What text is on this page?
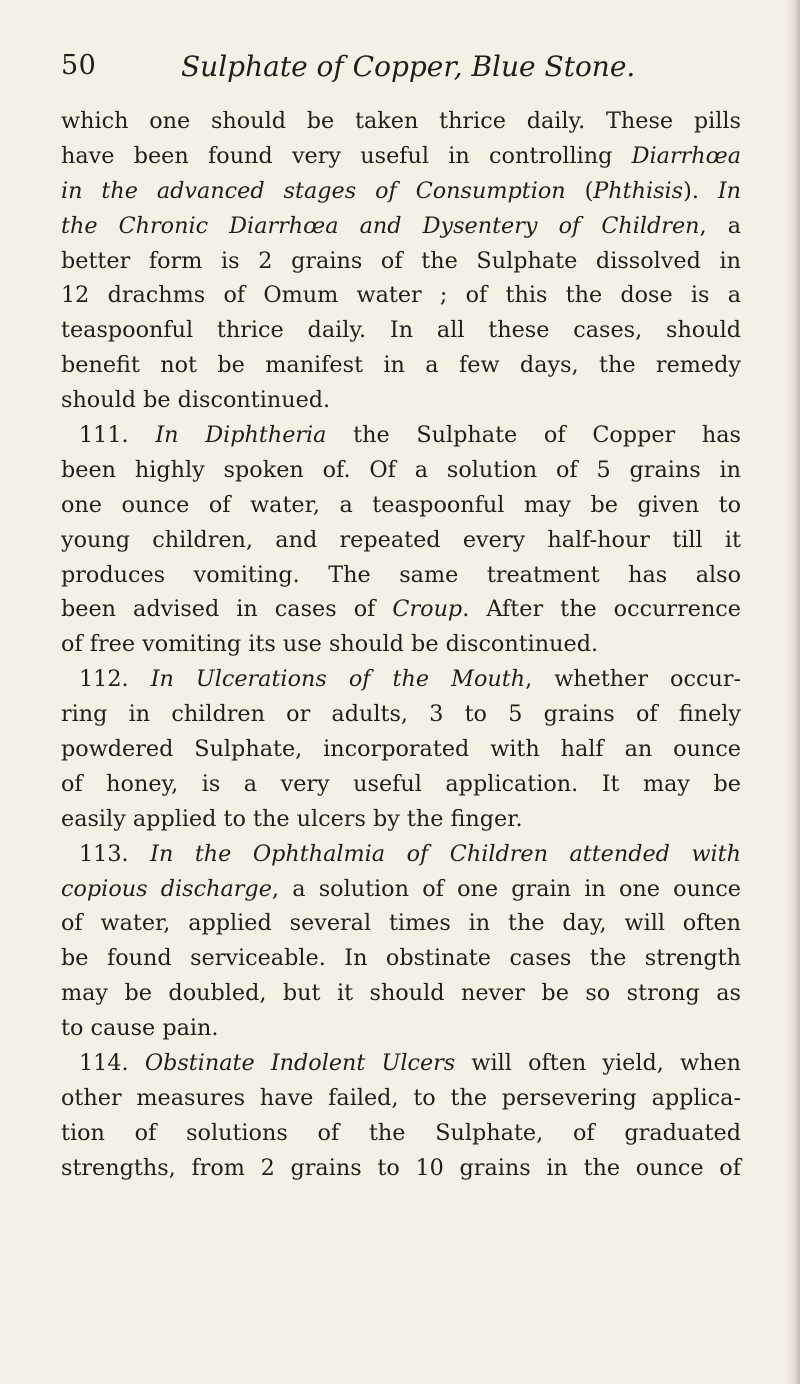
50	Sulphate of Copper, Blue Stone.
which one should be taken thrice daily. These pills
have been found very useful in controlling Diarrhœa
in the advanced stages of Consumption (Phthisis). In
the Chronic Diarrhœa and Dysentery of Children, a
better form is 2 grains of the Sulphate dissolved in
12 drachms of Omum water ; of this the dose is a
teaspoonful thrice daily. In all these cases, should
benefit not be manifest in a few days, the remedy
should be discontinued.
111. In Diphtheria the Sulphate of Copper has
been highly spoken of. Of a solution of 5 grains in
one ounce of water, a teaspoonful may be given to
young children, and repeated every half-hour till it
produces vomiting. The same treatment has also
been advised in cases of Croup. After the occurrence
of free vomiting its use should be discontinued.
112. In Ulcerations of the Mouth, whether occur-
ring in children or adults, 3 to 5 grains of finely
powdered Sulphate, incorporated with half an ounce
of honey, is a very useful application. It may be
easily applied to the ulcers by the finger.
113. In the Ophthalmia of Children attended with
copious discharge, a solution of one grain in one ounce
of water, applied several times in the day, will often
be found serviceable. In obstinate cases the strength
may be doubled, but it should never be so strong as
to cause pain.
114. Obstinate Indolent Ulcers will often yield, when
other measures have failed, to the persevering applica-
tion of solutions of the Sulphate, of graduated
strengths, from 2 grains to 10 grains in the ounce of
